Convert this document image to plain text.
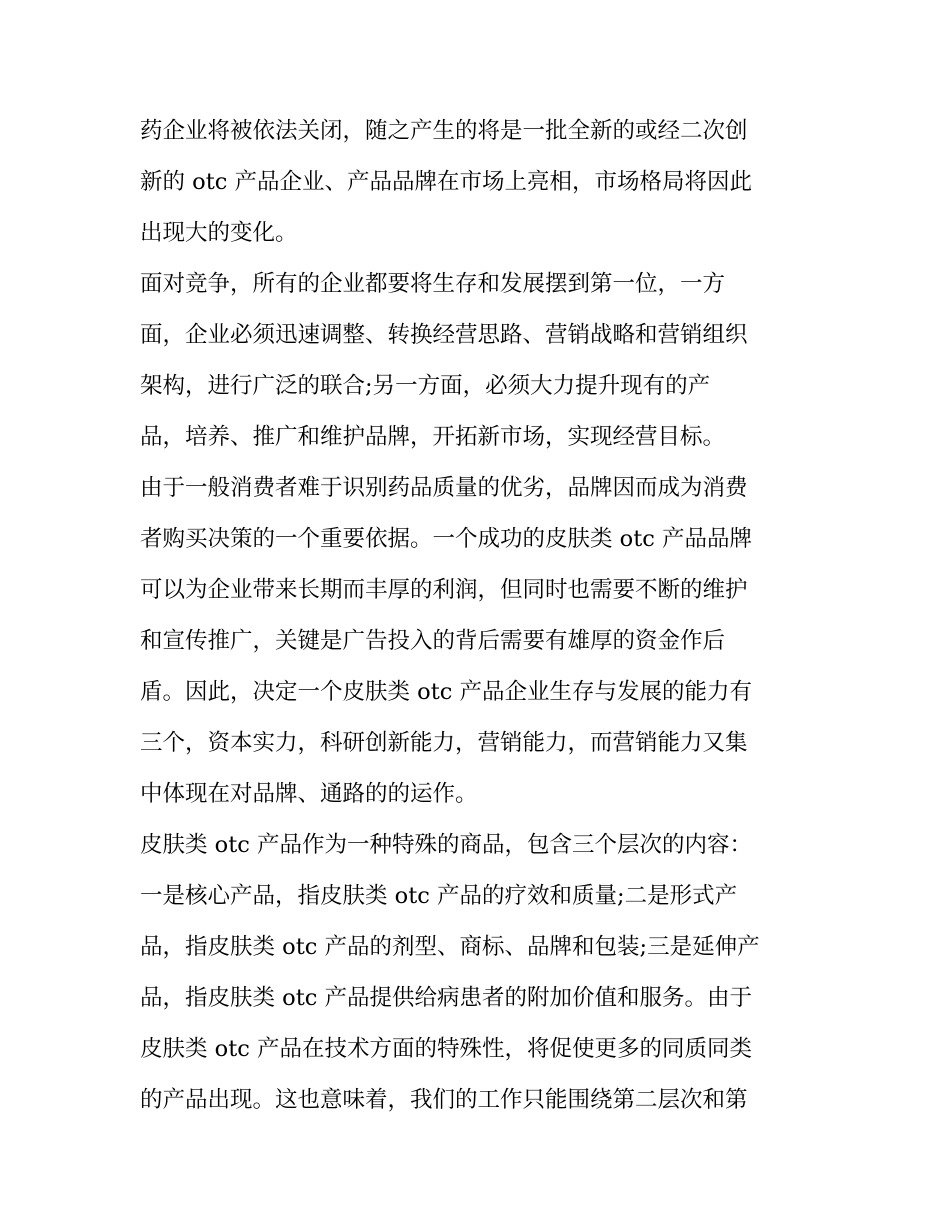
药企业将被依法关闭，随之产生的将是一批全新的或经二次创
新的 otc 产品企业、产品品牌在市场上亮相，市场格局将因此
出现大的变化。
面对竞争，所有的企业都要将生存和发展摆到第一位，一方
面，企业必须迅速调整、转换经营思路、营销战略和营销组织
架构，进行广泛的联合;另一方面，必须大力提升现有的产
品，培养、推广和维护品牌，开拓新市场，实现经营目标。
由于一般消费者难于识别药品质量的优劣，品牌因而成为消费
者购买决策的一个重要依据。一个成功的皮肤类 otc 产品品牌
可以为企业带来长期而丰厚的利润，但同时也需要不断的维护
和宣传推广，关键是广告投入的背后需要有雄厚的资金作后
盾。因此，决定一个皮肤类 otc 产品企业生存与发展的能力有
三个，资本实力，科研创新能力，营销能力，而营销能力又集
中体现在对品牌、通路的的运作。
皮肤类 otc 产品作为一种特殊的商品，包含三个层次的内容：
一是核心产品，指皮肤类 otc 产品的疗效和质量;二是形式产
品，指皮肤类 otc 产品的剂型、商标、品牌和包装;三是延伸产
品，指皮肤类 otc 产品提供给病患者的附加价值和服务。由于
皮肤类 otc 产品在技术方面的特殊性，将促使更多的同质同类
的产品出现。这也意味着，我们的工作只能围绕第二层次和第
